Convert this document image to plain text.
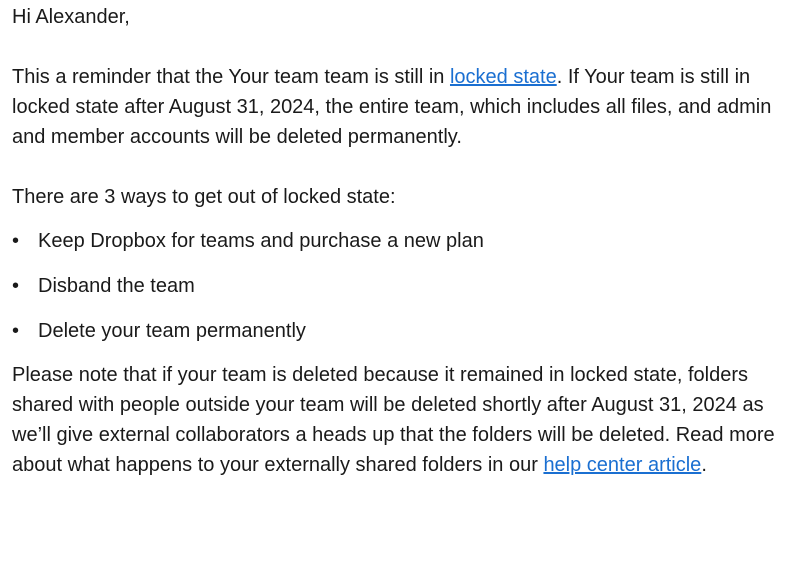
Hi Alexander,

This a reminder that the Your team team is still in locked state. If Your team is still in locked state after August 31, 2024, the entire team, which includes all files, and admin and member accounts will be deleted permanently.

There are 3 ways to get out of locked state:

• Keep Dropbox for teams and purchase a new plan
• Disband the team
• Delete your team permanently

Please note that if your team is deleted because it remained in locked state, folders shared with people outside your team will be deleted shortly after August 31, 2024 as we’ll give external collaborators a heads up that the folders will be deleted. Read more about what happens to your externally shared folders in our help center article.
